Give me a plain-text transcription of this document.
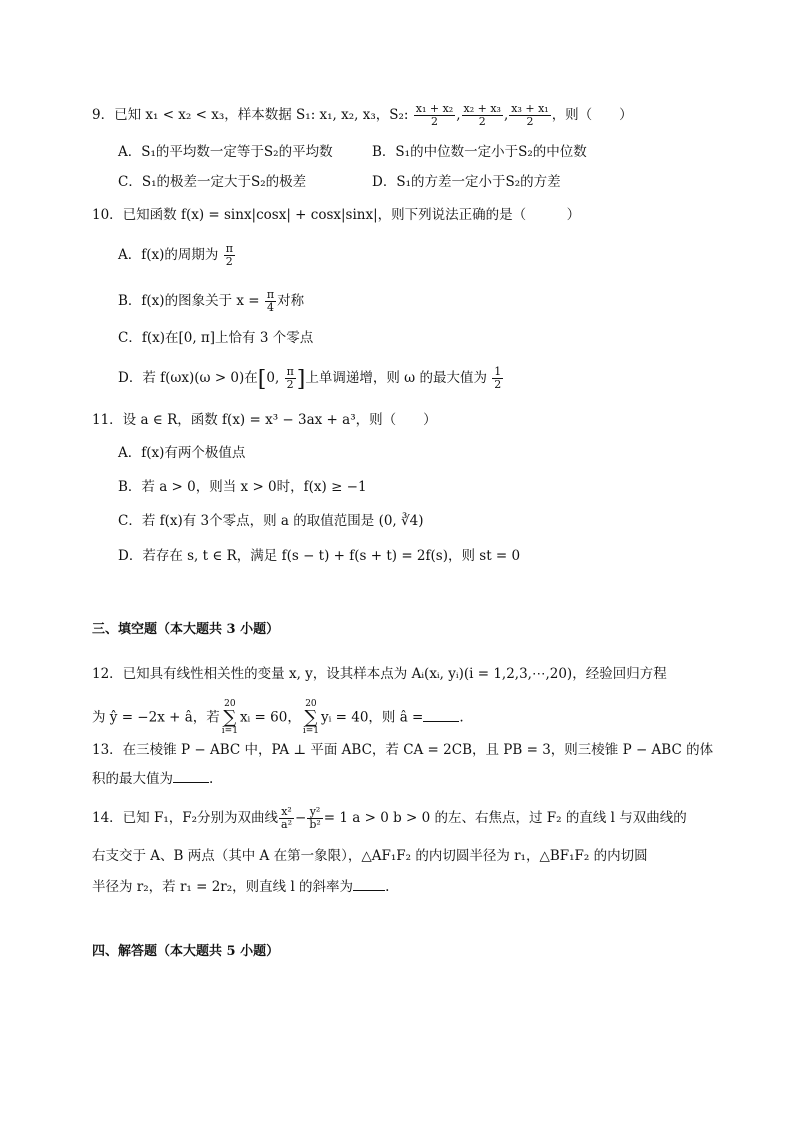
9．已知 x₁ < x₂ < x₃，样本数据 S₁: x₁, x₂, x₃，S₂: $\frac{\text{x₁ + x₂}}{2}$ , $\frac{\text{x₂ + x₃}}{2}$ , $\frac{\text{x₃ + x₁}}{2}$ ，则（　　）
A．S₁的平均数一定等于S₂的平均数	B．S₁的中位数一定小于S₂的中位数
C．S₁的极差一定大于S₂的极差	D．S₁的方差一定小于S₂的方差
10．已知函数 f(x) = sinx|cosx| + cosx|sinx|，则下列说法正确的是（　　　）
A．f(x)的周期为 $\frac{\pi}{2}$
B．f(x)的图象关于 $x = \frac{\pi}{4}$ 对称
C．f(x)在[0, π]上恰有 3 个零点
D．若 f(ωx)(ω > 0)在[0, $\frac{\pi}{2}$ ]上单调递增，则 ω 的最大值为 $\frac{1}{2}$
11．设 a ∈ R，函数 f(x) = x³ − 3ax + a³，则（　　）
A．f(x)有两个极值点
B．若 a > 0，则当 x > 0时，f(x) ≥ −1
C．若 f(x)有 3个零点，则 a 的取值范围是 (0, ∛4)
D．若存在 s, t ∈ R，满足 f(s − t) + f(s + t) = 2f(s)，则 st = 0
三、填空题（本大题共 3 小题）
12．已知具有线性相关性的变量 x, y，设其样本点为 Aᵢ(xᵢ, yᵢ)(i = 1,2,3,⋯,20)，经验回归方程
为 ŷ = −2x + â，若20
∑
i=1xᵢ = 60，20
∑
i=1yᵢ = 40，则 â =	.
13．在三棱锥 P − ABC 中，PA ⊥ 平面 ABC，若 CA = 2CB，且 PB = 3，则三棱锥 P − ABC 的体
积的最大值为	.
14．已知 F₁，F₂分别为双曲线 $\frac{\text{x²}}{\text{a²}} - \frac{\text{y²}}{\text{b²}} = 1$ a > 0 b > 0 的左、右焦点，过 F₂ 的直线 l 与双曲线的
右支交于 A、B 两点（其中 A 在第一象限），△AF₁F₂ 的内切圆半径为 r₁，△BF₁F₂ 的内切圆
半径为 r₂，若 r₁ = 2r₂，则直线 l 的斜率为 .
四、解答题（本大题共 5 小题）
